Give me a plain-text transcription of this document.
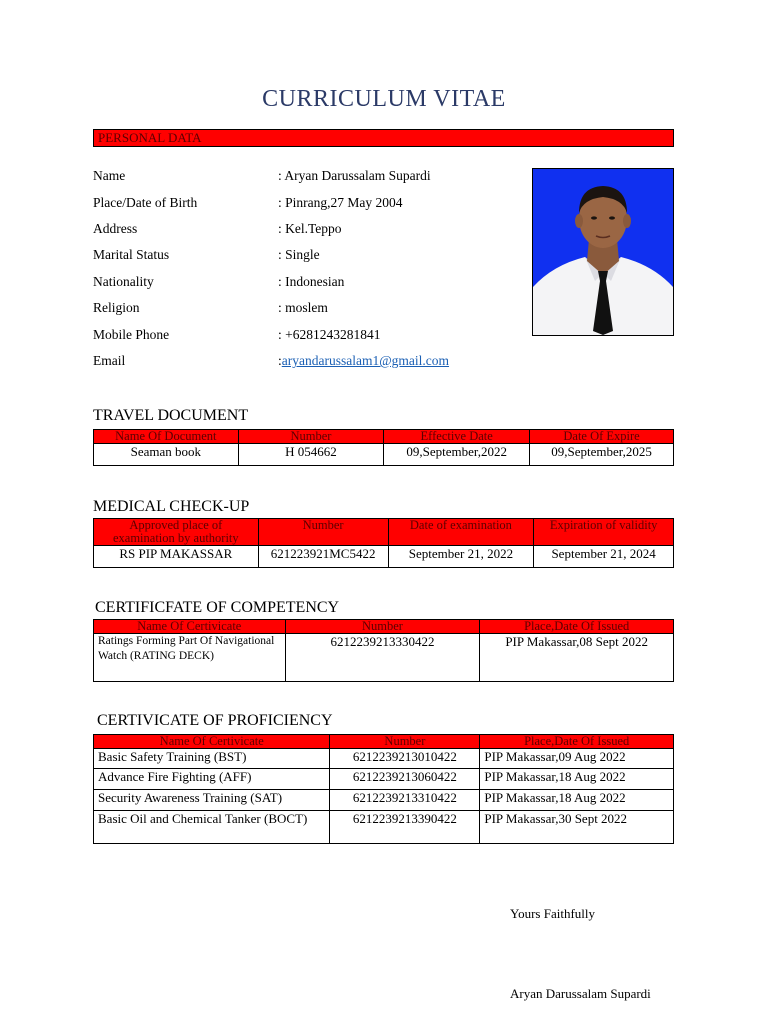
CURRICULUM VITAE
PERSONAL DATA
Name	: Aryan Darussalam Supardi
Place/Date of Birth	: Pinrang,27 May 2004
Address	: Kel.Teppo
Marital Status	: Single
Nationality	: Indonesian
Religion	: moslem
Mobile Phone	: +6281243281841
Email	:aryandarussalam1@gmail.com
TRAVEL DOCUMENT
Name Of Document	Number	Effective Date	Date Of Expire
Seaman book	H 054662	09,September,2022	09,September,2025
MEDICAL CHECK-UP
Approved place of examination by authority	Number	Date of examination	Expiration of validity
RS PIP MAKASSAR	621223921MC5422	September 21, 2022	September 21, 2024
CERTIFICFATE OF COMPETENCY
Name Of Certivicate	Number	Place,Date Of Issued
Ratings Forming Part Of Navigational Watch (RATING DECK)	6212239213330422	PIP Makassar,08 Sept 2022
CERTIVICATE OF PROFICIENCY
Name Of Certivicate	Number	Place,Date Of Issued
Basic Safety Training (BST)	6212239213010422	PIP Makassar,09 Aug 2022
Advance Fire Fighting (AFF)	6212239213060422	PIP Makassar,18 Aug 2022
Security Awareness Training (SAT)	6212239213310422	PIP Makassar,18 Aug 2022
Basic Oil and Chemical Tanker (BOCT)	6212239213390422	PIP Makassar,30 Sept 2022
Yours Faithfully
Aryan Darussalam Supardi
